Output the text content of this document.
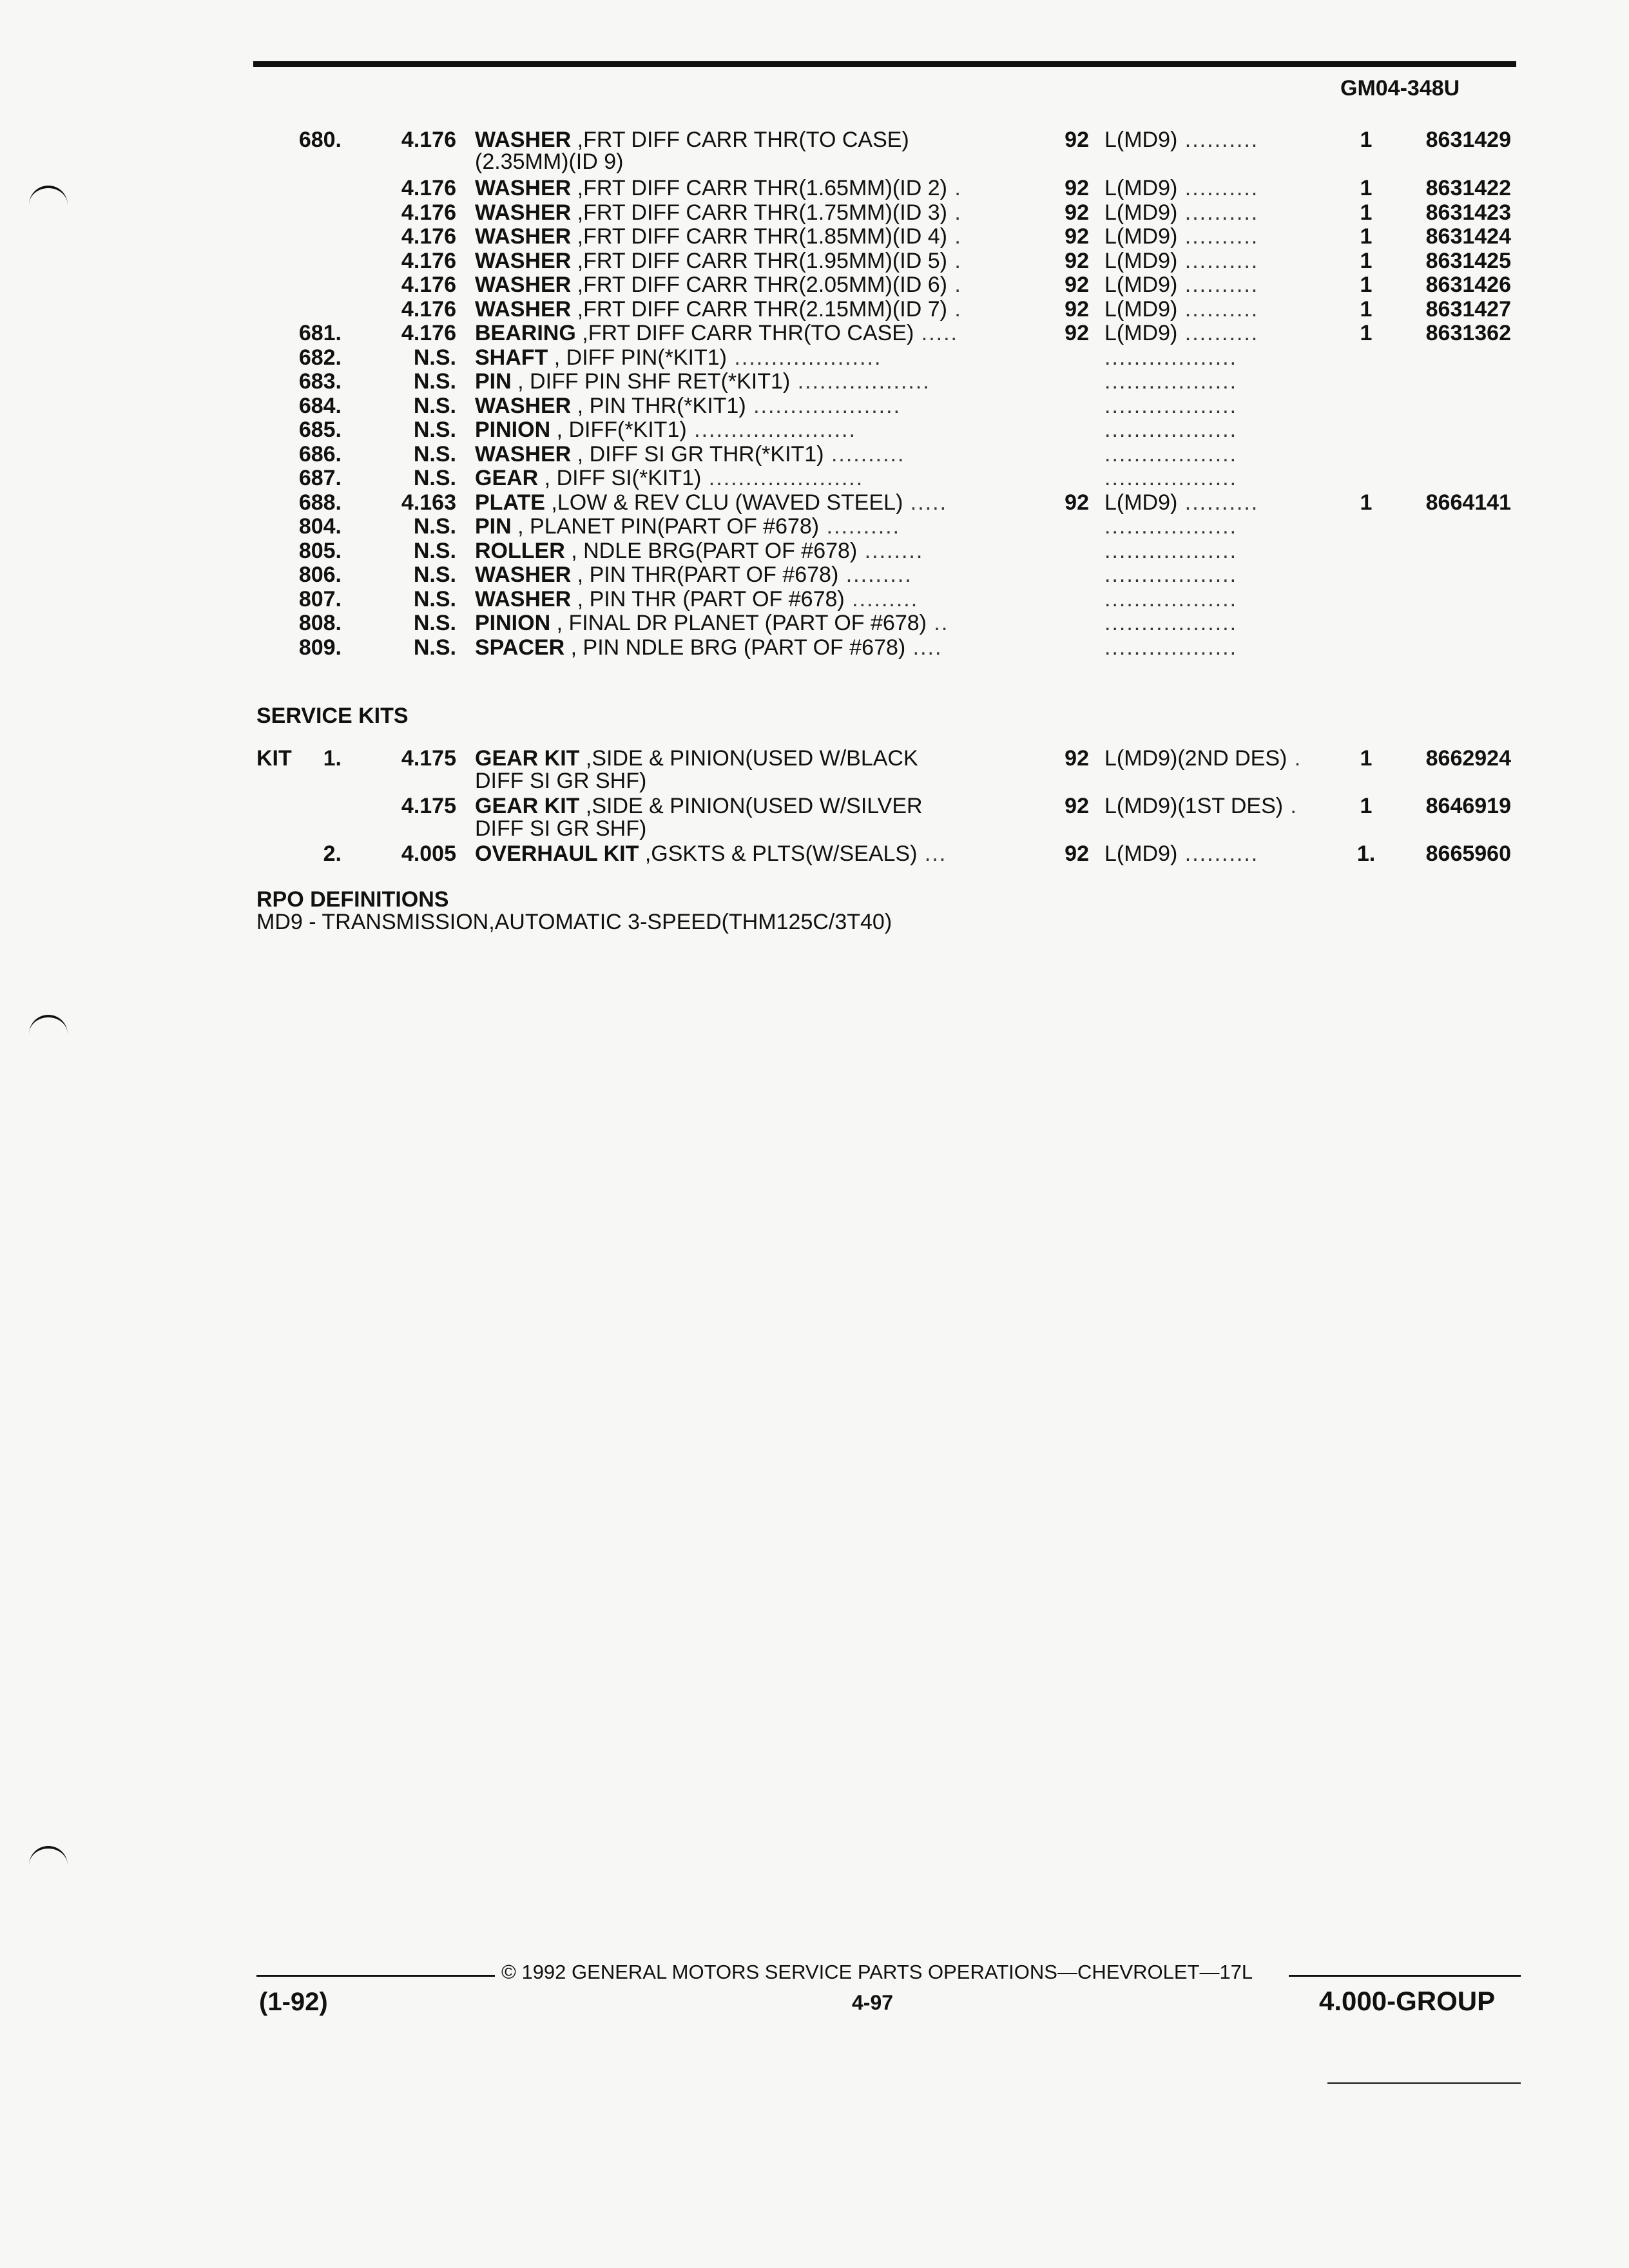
GM04-348U
680.	4.176 WASHER ,FRT DIFF CARR THR(TO CASE)	92 L(MD9) ..........	1	8631429
(2.35MM)(ID 9)
4.176 WASHER ,FRT DIFF CARR THR(1.65MM)(ID 2) .	92 L(MD9) ..........	1	8631422
4.176 WASHER ,FRT DIFF CARR THR(1.75MM)(ID 3) .	92 L(MD9) ..........	1	8631423
4.176 WASHER ,FRT DIFF CARR THR(1.85MM)(ID 4) .	92 L(MD9) ..........	1	8631424
4.176 WASHER ,FRT DIFF CARR THR(1.95MM)(ID 5) .	92 L(MD9) ..........	1	8631425
4.176 WASHER ,FRT DIFF CARR THR(2.05MM)(ID 6) .	92 L(MD9) ..........	1	8631426
4.176 WASHER ,FRT DIFF CARR THR(2.15MM)(ID 7) .	92 L(MD9) ..........	1	8631427
681.	4.176 BEARING ,FRT DIFF CARR THR(TO CASE) .....	92 L(MD9) ..........	1	8631362
682.	N.S. SHAFT , DIFF PIN(*KIT1) ....................	..................
683.	N.S. PIN , DIFF PIN SHF RET(*KIT1) ..................	..................
684.	N.S. WASHER , PIN THR(*KIT1) ....................	..................
685.	N.S. PINION , DIFF(*KIT1) ......................	..................
686.	N.S. WASHER , DIFF SI GR THR(*KIT1) ..........	..................
687.	N.S. GEAR , DIFF SI(*KIT1) .....................	..................
688.	4.163 PLATE ,LOW & REV CLU (WAVED STEEL) .....	92 L(MD9) ..........	1	8664141
804.	N.S. PIN , PLANET PIN(PART OF #678) ..........	..................
805.	N.S. ROLLER , NDLE BRG(PART OF #678) ........	..................
806.	N.S. WASHER , PIN THR(PART OF #678) .........	..................
807.	N.S. WASHER , PIN THR (PART OF #678) .........	..................
808.	N.S. PINION , FINAL DR PLANET (PART OF #678) ..	..................
809.	N.S. SPACER , PIN NDLE BRG (PART OF #678) ....	..................
SERVICE KITS
KIT	1.	4.175 GEAR KIT ,SIDE & PINION(USED W/BLACK	92 L(MD9)(2ND DES) .	1	8662924
DIFF SI GR SHF)
4.175 GEAR KIT ,SIDE & PINION(USED W/SILVER	92 L(MD9)(1ST DES) .	1	8646919
DIFF SI GR SHF)
2.	4.005 OVERHAUL KIT ,GSKTS & PLTS(W/SEALS) ...	92 L(MD9) ..........	1.	8665960
RPO DEFINITIONS
MD9 - TRANSMISSION,AUTOMATIC 3-SPEED(THM125C/3T40)
© 1992 GENERAL MOTORS SERVICE PARTS OPERATIONS—CHEVROLET—17L
4-97
(1-92)	4.000-GROUP
